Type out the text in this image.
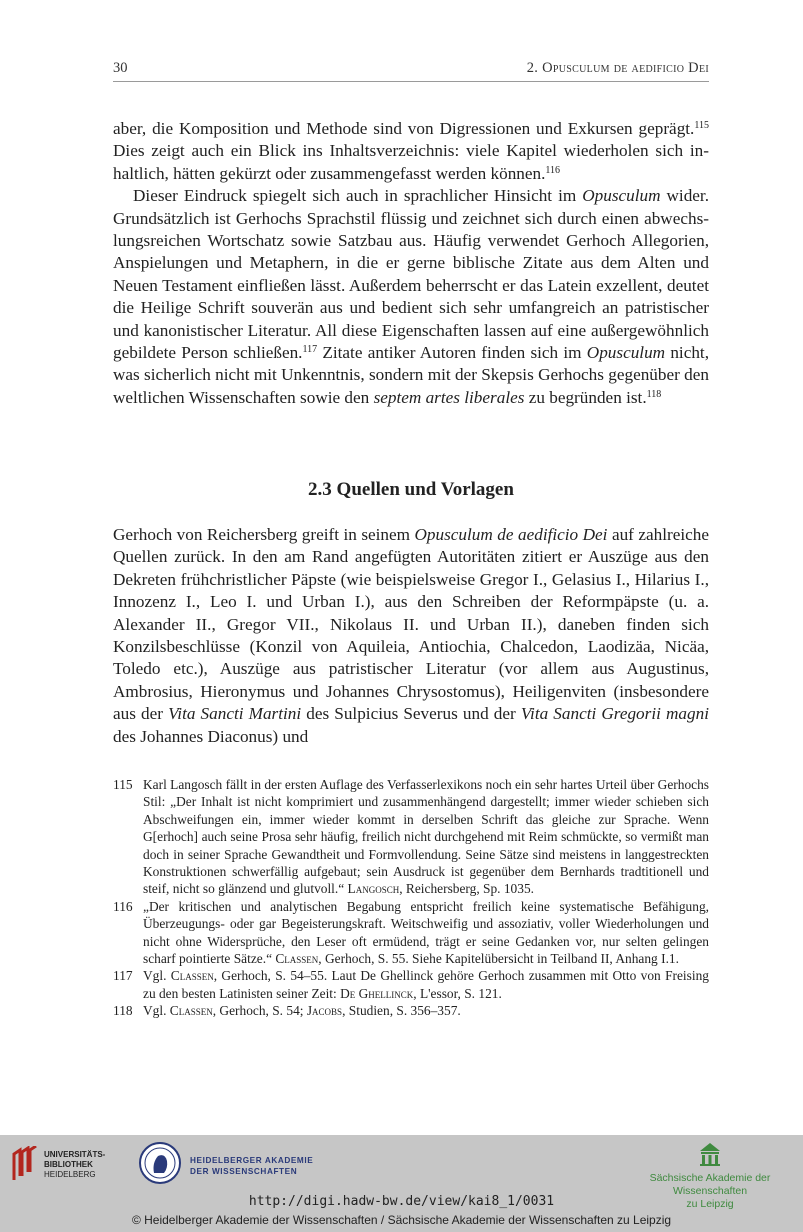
30	2. Opusculum de aedificio Dei

aber, die Komposition und Methode sind von Digressionen und Exkursen geprägt.$^{115}$ Dies zeigt auch ein Blick ins Inhaltsverzeichnis: viele Kapitel wiederholen sich inhaltlich, hätten gekürzt oder zusammengefasst werden können.$^{116}$

Dieser Eindruck spiegelt sich auch in sprachlicher Hinsicht im Opusculum wider. Grundsätzlich ist Gerhochs Sprachstil flüssig und zeichnet sich durch einen abwechslungsreichen Wortschatz sowie Satzbau aus. Häufig verwendet Gerhoch Allegorien, Anspielungen und Metaphern, in die er gerne biblische Zitate aus dem Alten und Neuen Testament einfließen lässt. Außerdem beherrscht er das Latein exzellent, deutet die Heilige Schrift souverän aus und bedient sich sehr umfangreich an patristischer und kanonistischer Literatur. All diese Eigenschaften lassen auf eine außergewöhnlich gebildete Person schließen.$^{117}$ Zitate antiker Autoren finden sich im Opusculum nicht, was sicherlich nicht mit Unkenntnis, sondern mit der Skepsis Gerhochs gegenüber den weltlichen Wissenschaften sowie den septem artes liberales zu begründen ist.$^{118}$

2.3 Quellen und Vorlagen

Gerhoch von Reichersberg greift in seinem Opusculum de aedificio Dei auf zahlreiche Quellen zurück. In den am Rand angefügten Autoritäten zitiert er Auszüge aus den Dekreten frühchristlicher Päpste (wie beispielsweise Gregor I., Gelasius I., Hilarius I., Innozenz I., Leo I. und Urban I.), aus den Schreiben der Reformpäpste (u. a. Alexander II., Gregor VII., Nikolaus II. und Urban II.), daneben finden sich Konzilsbeschlüsse (Konzil von Aquileia, Antiochia, Chalcedon, Laodizäa, Nicäa, Toledo etc.), Auszüge aus patristischer Literatur (vor allem aus Augustinus, Ambrosius, Hieronymus und Johannes Chrysostomus), Heiligenviten (insbesondere aus der Vita Sancti Martini des Sulpicius Severus und der Vita Sancti Gregorii magni des Johannes Diaconus) und

115 Karl Langosch fällt in der ersten Auflage des Verfasserlexikons noch ein sehr hartes Urteil über Gerhochs Stil: „Der Inhalt ist nicht komprimiert und zusammenhängend dargestellt; immer wieder schieben sich Abschweifungen ein, immer wieder kommt in derselben Schrift das gleiche zur Sprache. Wenn G[erhoch] auch seine Prosa sehr häufig, freilich nicht durchgehend mit Reim schmückte, so vermißt man doch in seiner Sprache Gewandtheit und Formvollendung. Seine Sätze sind meistens in langgestreckten Konstruktionen schwerfällig aufgebaut; sein Ausdruck ist gegenüber dem Bernhards tradtitionell und steif, nicht so glänzend und glutvoll.“ Langosch, Reichersberg, Sp. 1035.
116 „Der kritischen und analytischen Begabung entspricht freilich keine systematische Befähigung, Überzeugungs- oder gar Begeisterungskraft. Weitschweifig und assoziativ, voller Wiederholungen und nicht ohne Widersprüche, den Leser oft ermüdend, trägt er seine Gedanken vor, nur selten gelingen scharf pointierte Sätze.“ Classen, Gerhoch, S. 55. Siehe Kapitelübersicht in Teilband II, Anhang I.1.
117 Vgl. Classen, Gerhoch, S. 54–55. Laut De Ghellinck gehöre Gerhoch zusammen mit Otto von Freising zu den besten Latinisten seiner Zeit: De Ghellinck, L'essor, S. 121.
118 Vgl. Classen, Gerhoch, S. 54; Jacobs, Studien, S. 356–357.
UNIVERSITÄTS-
BIBLIOTHEK
HEIDELBERG
HEIDELBERGER AKADEMIE
DER WISSENSCHAFTEN
Sächsische Akademie der Wissenschaften
zu Leipzig
http://digi.hadw-bw.de/view/kai8_1/0031
© Heidelberger Akademie der Wissenschaften / Sächsische Akademie der Wissenschaften zu Leipzig
